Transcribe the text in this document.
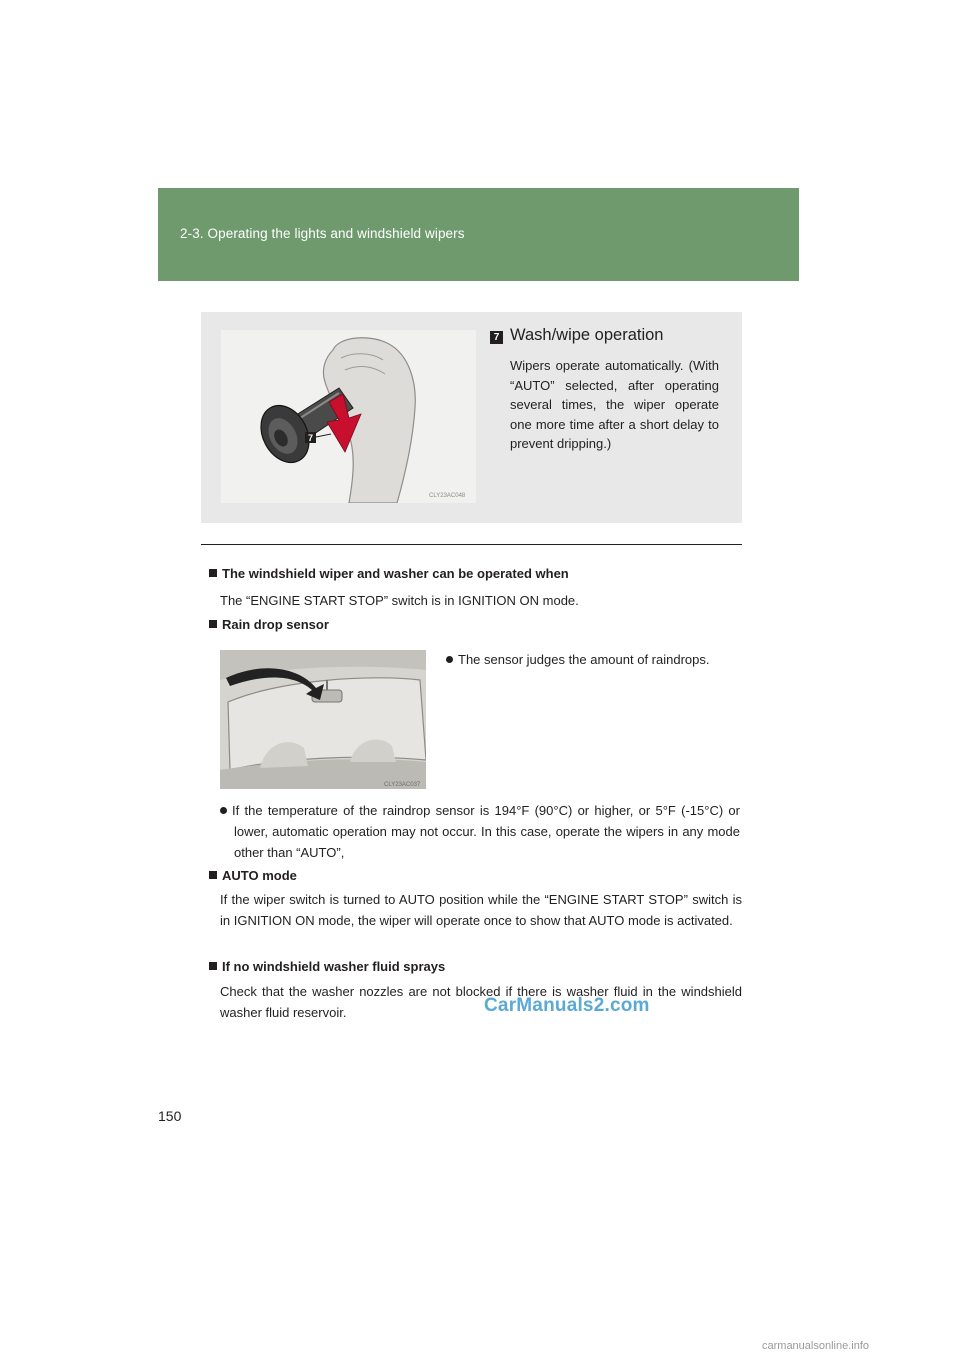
2-3. Operating the lights and windshield wipers
7
CLY23AC048
7 Wash/wipe operation
Wipers operate automatically. (With “AUTO” selected, after operating several times, the wiper operate one more time after a short delay to prevent dripping.)
The windshield wiper and washer can be operated when
The “ENGINE START STOP” switch is in IGNITION ON mode.
Rain drop sensor
CLY23AC037
The sensor judges the amount of raindrops.
If the temperature of the raindrop sensor is 194°F (90°C) or higher, or 5°F (-15°C) or lower, automatic operation may not occur. In this case, operate the wipers in any mode other than “AUTO”,
AUTO mode
If the wiper switch is turned to AUTO position while the “ENGINE START STOP” switch is in IGNITION ON mode, the wiper will operate once to show that AUTO mode is activated.
If no windshield washer fluid sprays
Check that the washer nozzles are not blocked if there is washer fluid in the windshield washer fluid reservoir.	CarManuals2.com
150
carmanualsonline.info
